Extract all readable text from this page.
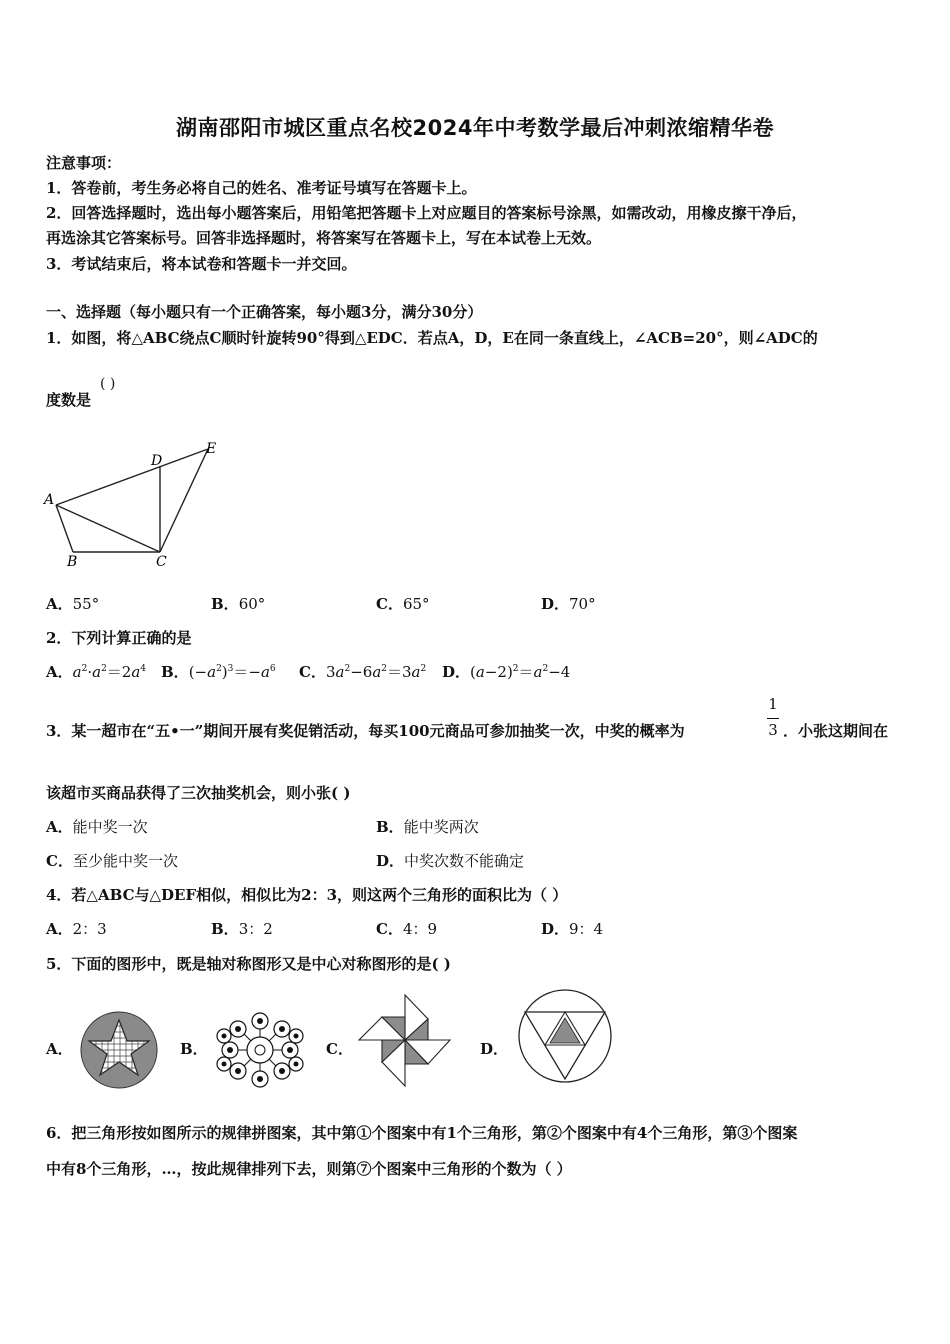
湖南邵阳市城区重点名校2024年中考数学最后冲刺浓缩精华卷
注意事项：
1．答卷前，考生务必将自己的姓名、准考证号填写在答题卡上。
2．回答选择题时，选出每小题答案后，用铅笔把答题卡上对应题目的答案标号涂黑，如需改动，用橡皮擦干净后，
再选涂其它答案标号。回答非选择题时，将答案写在答题卡上，写在本试卷上无效。
3．考试结束后，将本试卷和答题卡一并交回。
一、选择题（每小题只有一个正确答案，每小题3分，满分30分）
1．如图，将△ABC绕点C顺时针旋转90°得到△EDC．若点A，D，E在同一条直线上，∠ACB=20°，则∠ADC的
度数是
( )
A
B	C
D
E
A．55°	B．60°	C．65°	D．70°
2．下列计算正确的是
A．$a^2\cdot a^2=2a^4$ B．$(-a^2)^3=-a^6$ C．$3a^2-6a^2=3a^2$ D．$(a-2)^2=a^2-4$
3．某一超市在“五•一”期间开展有奖促销活动，每买100元商品可参加抽奖一次，中奖的概率为
1
3 ．小张这期间在
该超市买商品获得了三次抽奖机会，则小张( )
A．能中奖一次	B．能中奖两次
C．至少能中奖一次	D．中奖次数不能确定
4．若△ABC与△DEF相似，相似比为2：3，则这两个三角形的面积比为（ ）
A．2：3	B．3：2	C．4：9	D．9：4
5．下面的图形中，既是轴对称图形又是中心对称图形的是( )
A．	B．	C．	D．
6．把三角形按如图所示的规律拼图案，其中第①个图案中有1个三角形，第②个图案中有4个三角形，第③个图案
中有8个三角形，…，按此规律排列下去，则第⑦个图案中三角形的个数为（ ）
